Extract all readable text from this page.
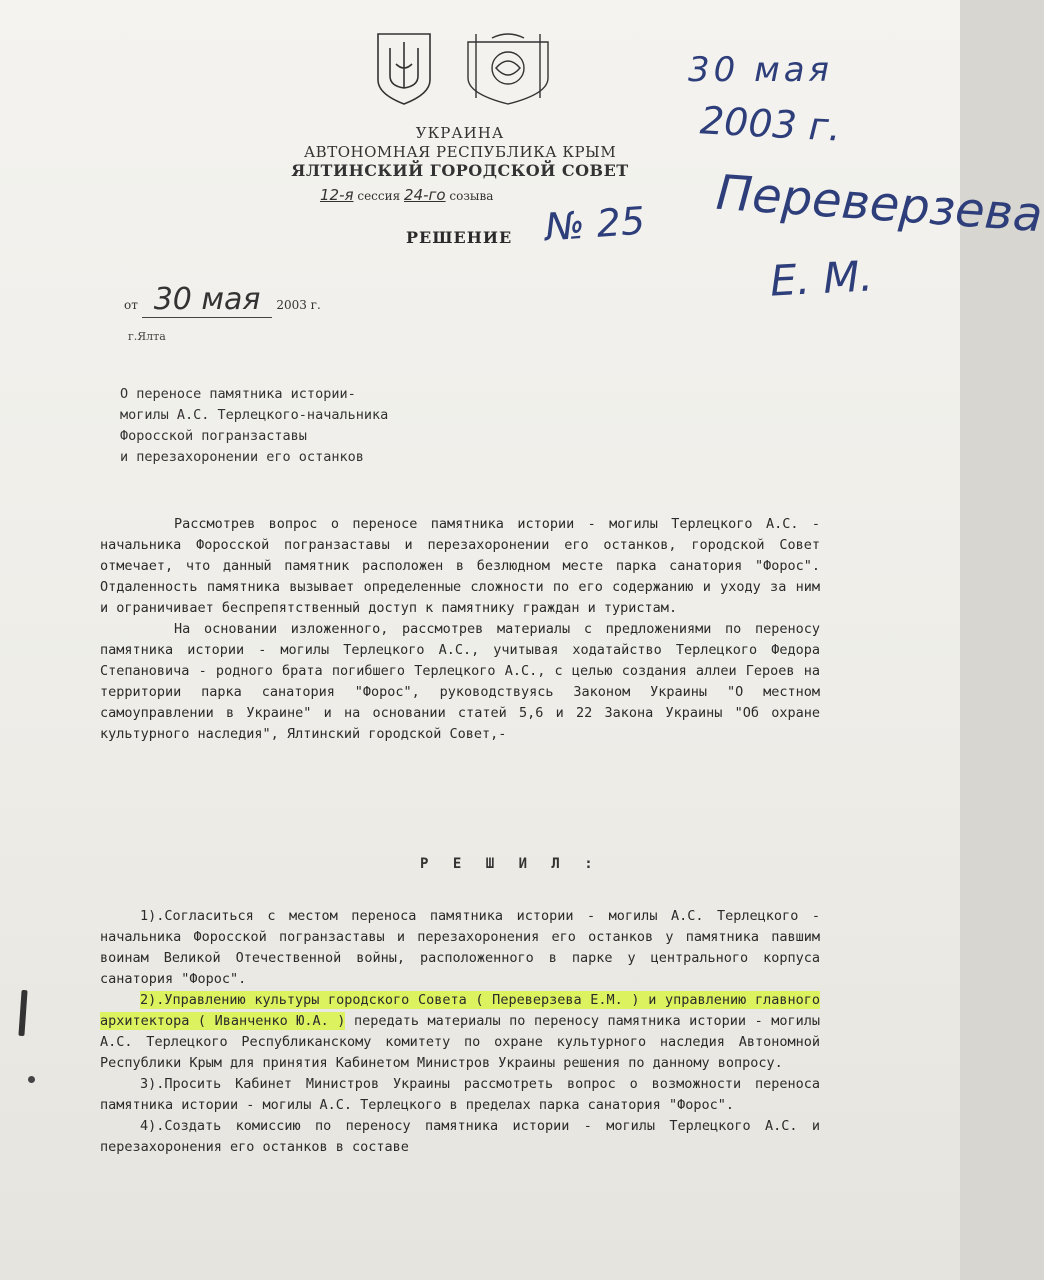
УКРАИНА
АВТОНОМНАЯ РЕСПУБЛИКА КРЫМ
ЯЛТИНСКИЙ ГОРОДСКОЙ СОВЕТ
12-я сессия 24-го созыва
РЕШЕНИЕ № 25
30 мая
2003 г.
Переверзева
Е. М.
от 30 мая 2003 г.
г.Ялта
О переносе памятника истории-
могилы А.С. Терлецкого-начальника
Форосской погранзаставы
и перезахоронении его останков
Рассмотрев вопрос о переносе памятника истории - могилы Терлецкого А.С. - начальника Форосской погранзаставы и перезахоронении его останков, городской Совет отмечает, что данный памятник расположен в безлюдном месте парка санатория "Форос". Отдаленность памятника вызывает определенные сложности по его содержанию и уходу за ним и ограничивает беспрепятственный доступ к памятнику граждан и туристам.
На основании изложенного, рассмотрев материалы с предложениями по переносу памятника истории - могилы Терлецкого А.С., учитывая ходатайство Терлецкого Федора Степановича - родного брата погибшего Терлецкого А.С., с целью создания аллеи Героев на территории парка санатория "Форос", руководствуясь Законом Украины "О местном самоуправлении в Украине" и на основании статей 5,6 и 22 Закона Украины "Об охране культурного наследия", Ялтинский городской Совет,-
Р Е Ш И Л :
1).Согласиться с местом переноса памятника истории - могилы А.С. Терлецкого - начальника Форосской погранзаставы и перезахоронения его останков у памятника павшим воинам Великой Отечественной войны, расположенного в парке у центрального корпуса санатория "Форос".
2).Управлению культуры городского Совета ( Переверзева Е.М. ) и управлению главного архитектора ( Иванченко Ю.А. ) передать материалы по переносу памятника истории - могилы А.С. Терлецкого Республиканскому комитету по охране культурного наследия Автономной Республики Крым для принятия Кабинетом Министров Украины решения по данному вопросу.
3).Просить Кабинет Министров Украины рассмотреть вопрос о возможности переноса памятника истории - могилы А.С. Терлецкого в пределах парка санатория "Форос".
4).Создать комиссию по переносу памятника истории - могилы Терлецкого А.С. и перезахоронения его останков в составе
